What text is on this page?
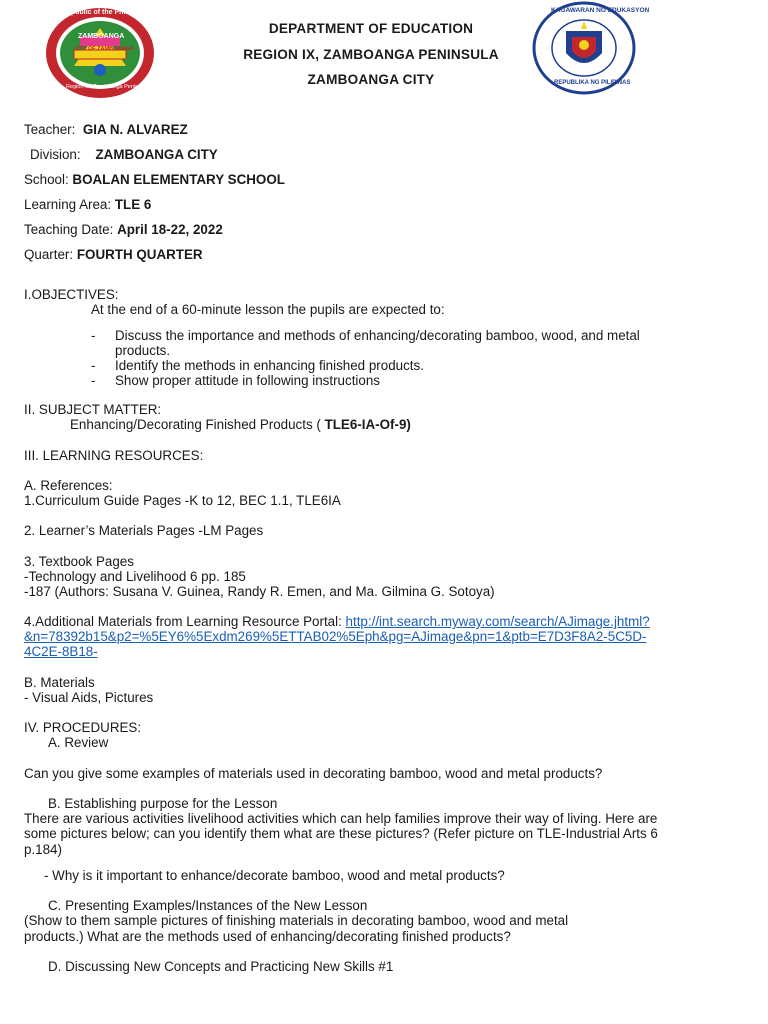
Republic of the Philippines
ZAMBOANGA
CITY OF ZAMBOANGA
Region IX, Zamboanga Peninsula
DEPARTMENT OF EDUCATION
REGION IX, ZAMBOANGA PENINSULA
ZAMBOANGA CITY
KAGAWARAN NG EDUKASYON
REPUBLIKA NG PILIPINAS
Teacher: GIA N. ALVAREZ
Division: ZAMBOANGA CITY
School: BOALAN ELEMENTARY SCHOOL
Learning Area: TLE 6
Teaching Date: April 18-22, 2022
Quarter: FOURTH QUARTER
I.OBJECTIVES:
At the end of a 60-minute lesson the pupils are expected to:
- Discuss the importance and methods of enhancing/decorating bamboo, wood, and metal
products.
- Identify the methods in enhancing finished products.
- Show proper attitude in following instructions
II. SUBJECT MATTER:
Enhancing/Decorating Finished Products ( TLE6-IA-Of-9)
III. LEARNING RESOURCES:
A. References:
1.Curriculum Guide Pages -K to 12, BEC 1.1, TLE6IA
2. Learner’s Materials Pages -LM Pages
3. Textbook Pages
-Technology and Livelihood 6 pp. 185
-187 (Authors: Susana V. Guinea, Randy R. Emen, and Ma. Gilmina G. Sotoya)
4.Additional Materials from Learning Resource Portal: http://int.search.myway.com/search/AJimage.jhtml?
&n=78392b15&p2=%5EY6%5Exdm269%5ETTAB02%5Eph&pg=AJimage&pn=1&ptb=E7D3F8A2-5C5D-
4C2E-8B18-
B. Materials
- Visual Aids, Pictures
IV. PROCEDURES:
A. Review
Can you give some examples of materials used in decorating bamboo, wood and metal products?
B. Establishing purpose for the Lesson
There are various activities livelihood activities which can help families improve their way of living. Here are
some pictures below; can you identify them what are these pictures? (Refer picture on TLE-Industrial Arts 6
p.184)
- Why is it important to enhance/decorate bamboo, wood and metal products?
C. Presenting Examples/Instances of the New Lesson
(Show to them sample pictures of finishing materials in decorating bamboo, wood and metal
products.) What are the methods used of enhancing/decorating finished products?
D. Discussing New Concepts and Practicing New Skills #1
